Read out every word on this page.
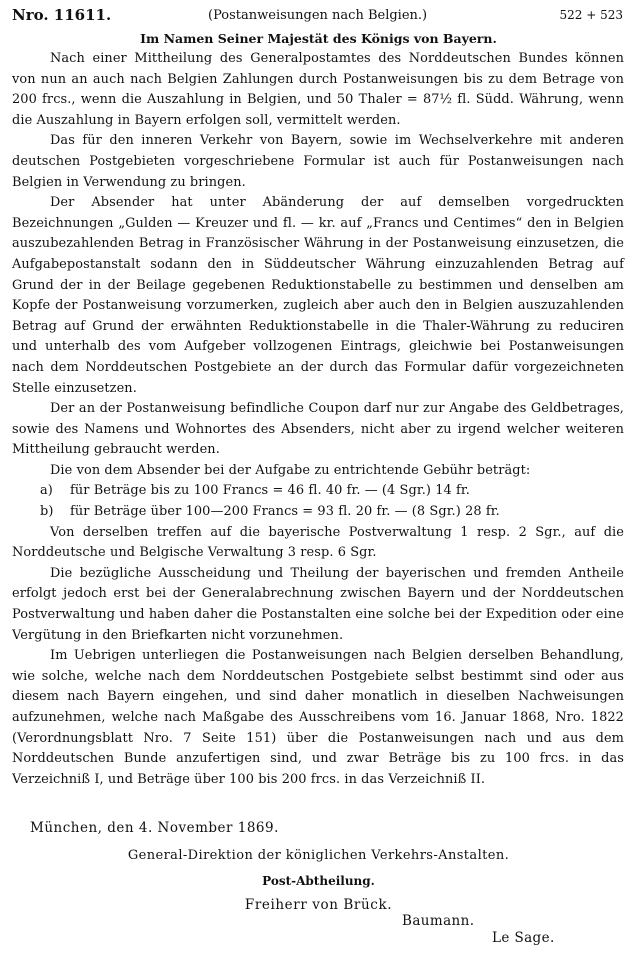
Nro. 11611.	(Postanweisungen nach Belgien.)	522 + 523
Im Namen Seiner Majestät des Königs von Bayern.

Nach einer Mittheilung des Generalpostamtes des Norddeutschen Bundes können von nun an auch nach Belgien Zahlungen durch Postanweisungen bis zu dem Betrage von 200 frcs., wenn die Auszahlung in Belgien, und 50 Thaler = 87½ fl. Südd. Währung, wenn die Auszahlung in Bayern erfolgen soll, vermittelt werden.

Das für den inneren Verkehr von Bayern, sowie im Wechselverkehre mit anderen deutschen Postgebieten vorgeschriebene Formular ist auch für Postanweisungen nach Belgien in Verwendung zu bringen.

Der Absender hat unter Abänderung der auf demselben vorgedruckten Bezeichnungen „Gulden — Kreuzer und fl. — kr. auf „Francs und Centimes“ den in Belgien auszubezahlenden Betrag in Französischer Währung in der Postanweisung einzusetzen, die Aufgabepostanstalt sodann den in Süddeutscher Währung einzuzahlenden Betrag auf Grund der in der Beilage gegebenen Reduktionstabelle zu bestimmen und denselben am Kopfe der Postanweisung vorzumerken, zugleich aber auch den in Belgien auszuzahlenden Betrag auf Grund der erwähnten Reduktionstabelle in die Thaler-Währung zu reduciren und unterhalb des vom Aufgeber vollzogenen Eintrags, gleichwie bei Postanweisungen nach dem Norddeutschen Postgebiete an der durch das Formular dafür vorgezeichneten Stelle einzusetzen.

Der an der Postanweisung befindliche Coupon darf nur zur Angabe des Geldbetrages, sowie des Namens und Wohnortes des Absenders, nicht aber zu irgend welcher weiteren Mittheilung gebraucht werden.

Die von dem Absender bei der Aufgabe zu entrichtende Gebühr beträgt:

a)	für Beträge bis zu 100 Francs = 46 fl. 40 fr. — (4 Sgr.) 14 fr.
b)	für Beträge über 100—200 Francs = 93 fl. 20 fr. — (8 Sgr.) 28 fr.

Von derselben treffen auf die bayerische Postverwaltung 1 resp. 2 Sgr., auf die Norddeutsche und Belgische Verwaltung 3 resp. 6 Sgr.

Die bezügliche Ausscheidung und Theilung der bayerischen und fremden Antheile erfolgt jedoch erst bei der Generalabrechnung zwischen Bayern und der Norddeutschen Postverwaltung und haben daher die Postanstalten eine solche bei der Expedition oder eine Vergütung in den Briefkarten nicht vorzunehmen.

Im Uebrigen unterliegen die Postanweisungen nach Belgien derselben Behandlung, wie solche, welche nach dem Norddeutschen Postgebiete selbst bestimmt sind oder aus diesem nach Bayern eingehen, und sind daher monatlich in dieselben Nachweisungen aufzunehmen, welche nach Maßgabe des Ausschreibens vom 16. Januar 1868, Nro. 1822 (Verordnungsblatt Nro. 7 Seite 151) über die Postanweisungen nach und aus dem Norddeutschen Bunde anzufertigen sind, und zwar Beträge bis zu 100 frcs. in das Verzeichniß I, und Beträge über 100 bis 200 frcs. in das Verzeichniß II.

München, den 4. November 1869.
General-Direktion der königlichen Verkehrs-Anstalten.
Post-Abtheilung.
Freiherr von Brück.
Baumann.
Le Sage.
